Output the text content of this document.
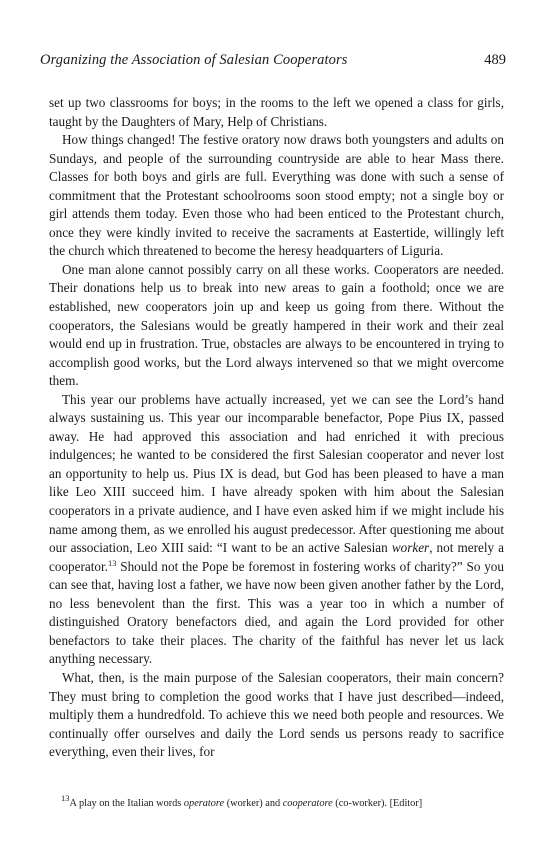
Organizing the Association of Salesian Cooperators	489

set up two classrooms for boys; in the rooms to the left we opened a class for girls, taught by the Daughters of Mary, Help of Christians.

How things changed! The festive oratory now draws both youngsters and adults on Sundays, and people of the surrounding countryside are able to hear Mass there. Classes for both boys and girls are full. Everything was done with such a sense of commitment that the Protestant schoolrooms soon stood empty; not a single boy or girl attends them today. Even those who had been enticed to the Protestant church, once they were kindly invited to receive the sacraments at Eastertide, willingly left the church which threatened to become the heresy headquarters of Liguria.

One man alone cannot possibly carry on all these works. Cooperators are needed. Their donations help us to break into new areas to gain a foothold; once we are established, new cooperators join up and keep us going from there. Without the cooperators, the Salesians would be greatly hampered in their work and their zeal would end up in frustration. True, obstacles are always to be encountered in trying to accomplish good works, but the Lord always intervened so that we might overcome them.

This year our problems have actually increased, yet we can see the Lord’s hand always sustaining us. This year our incomparable benefactor, Pope Pius IX, passed away. He had approved this association and had enriched it with precious indulgences; he wanted to be considered the first Salesian cooperator and never lost an opportunity to help us. Pius IX is dead, but God has been pleased to have a man like Leo XIII succeed him. I have already spoken with him about the Salesian cooperators in a private audience, and I have even asked him if we might include his name among them, as we enrolled his august predecessor. After questioning me about our association, Leo XIII said: “I want to be an active Salesian worker, not merely a cooperator.$^{13}$ Should not the Pope be foremost in fostering works of charity?” So you can see that, having lost a father, we have now been given another father by the Lord, no less benevolent than the first. This was a year too in which a number of distinguished Oratory benefactors died, and again the Lord provided for other benefactors to take their places. The charity of the faithful has never let us lack anything necessary.

What, then, is the main purpose of the Salesian cooperators, their main concern? They must bring to completion the good works that I have just described—indeed, multiply them a hundredfold. To achieve this we need both people and resources. We continually offer ourselves and daily the Lord sends us persons ready to sacrifice everything, even their lives, for

$^{13}$A play on the Italian words operatore (worker) and cooperatore (co-worker). [Editor]
